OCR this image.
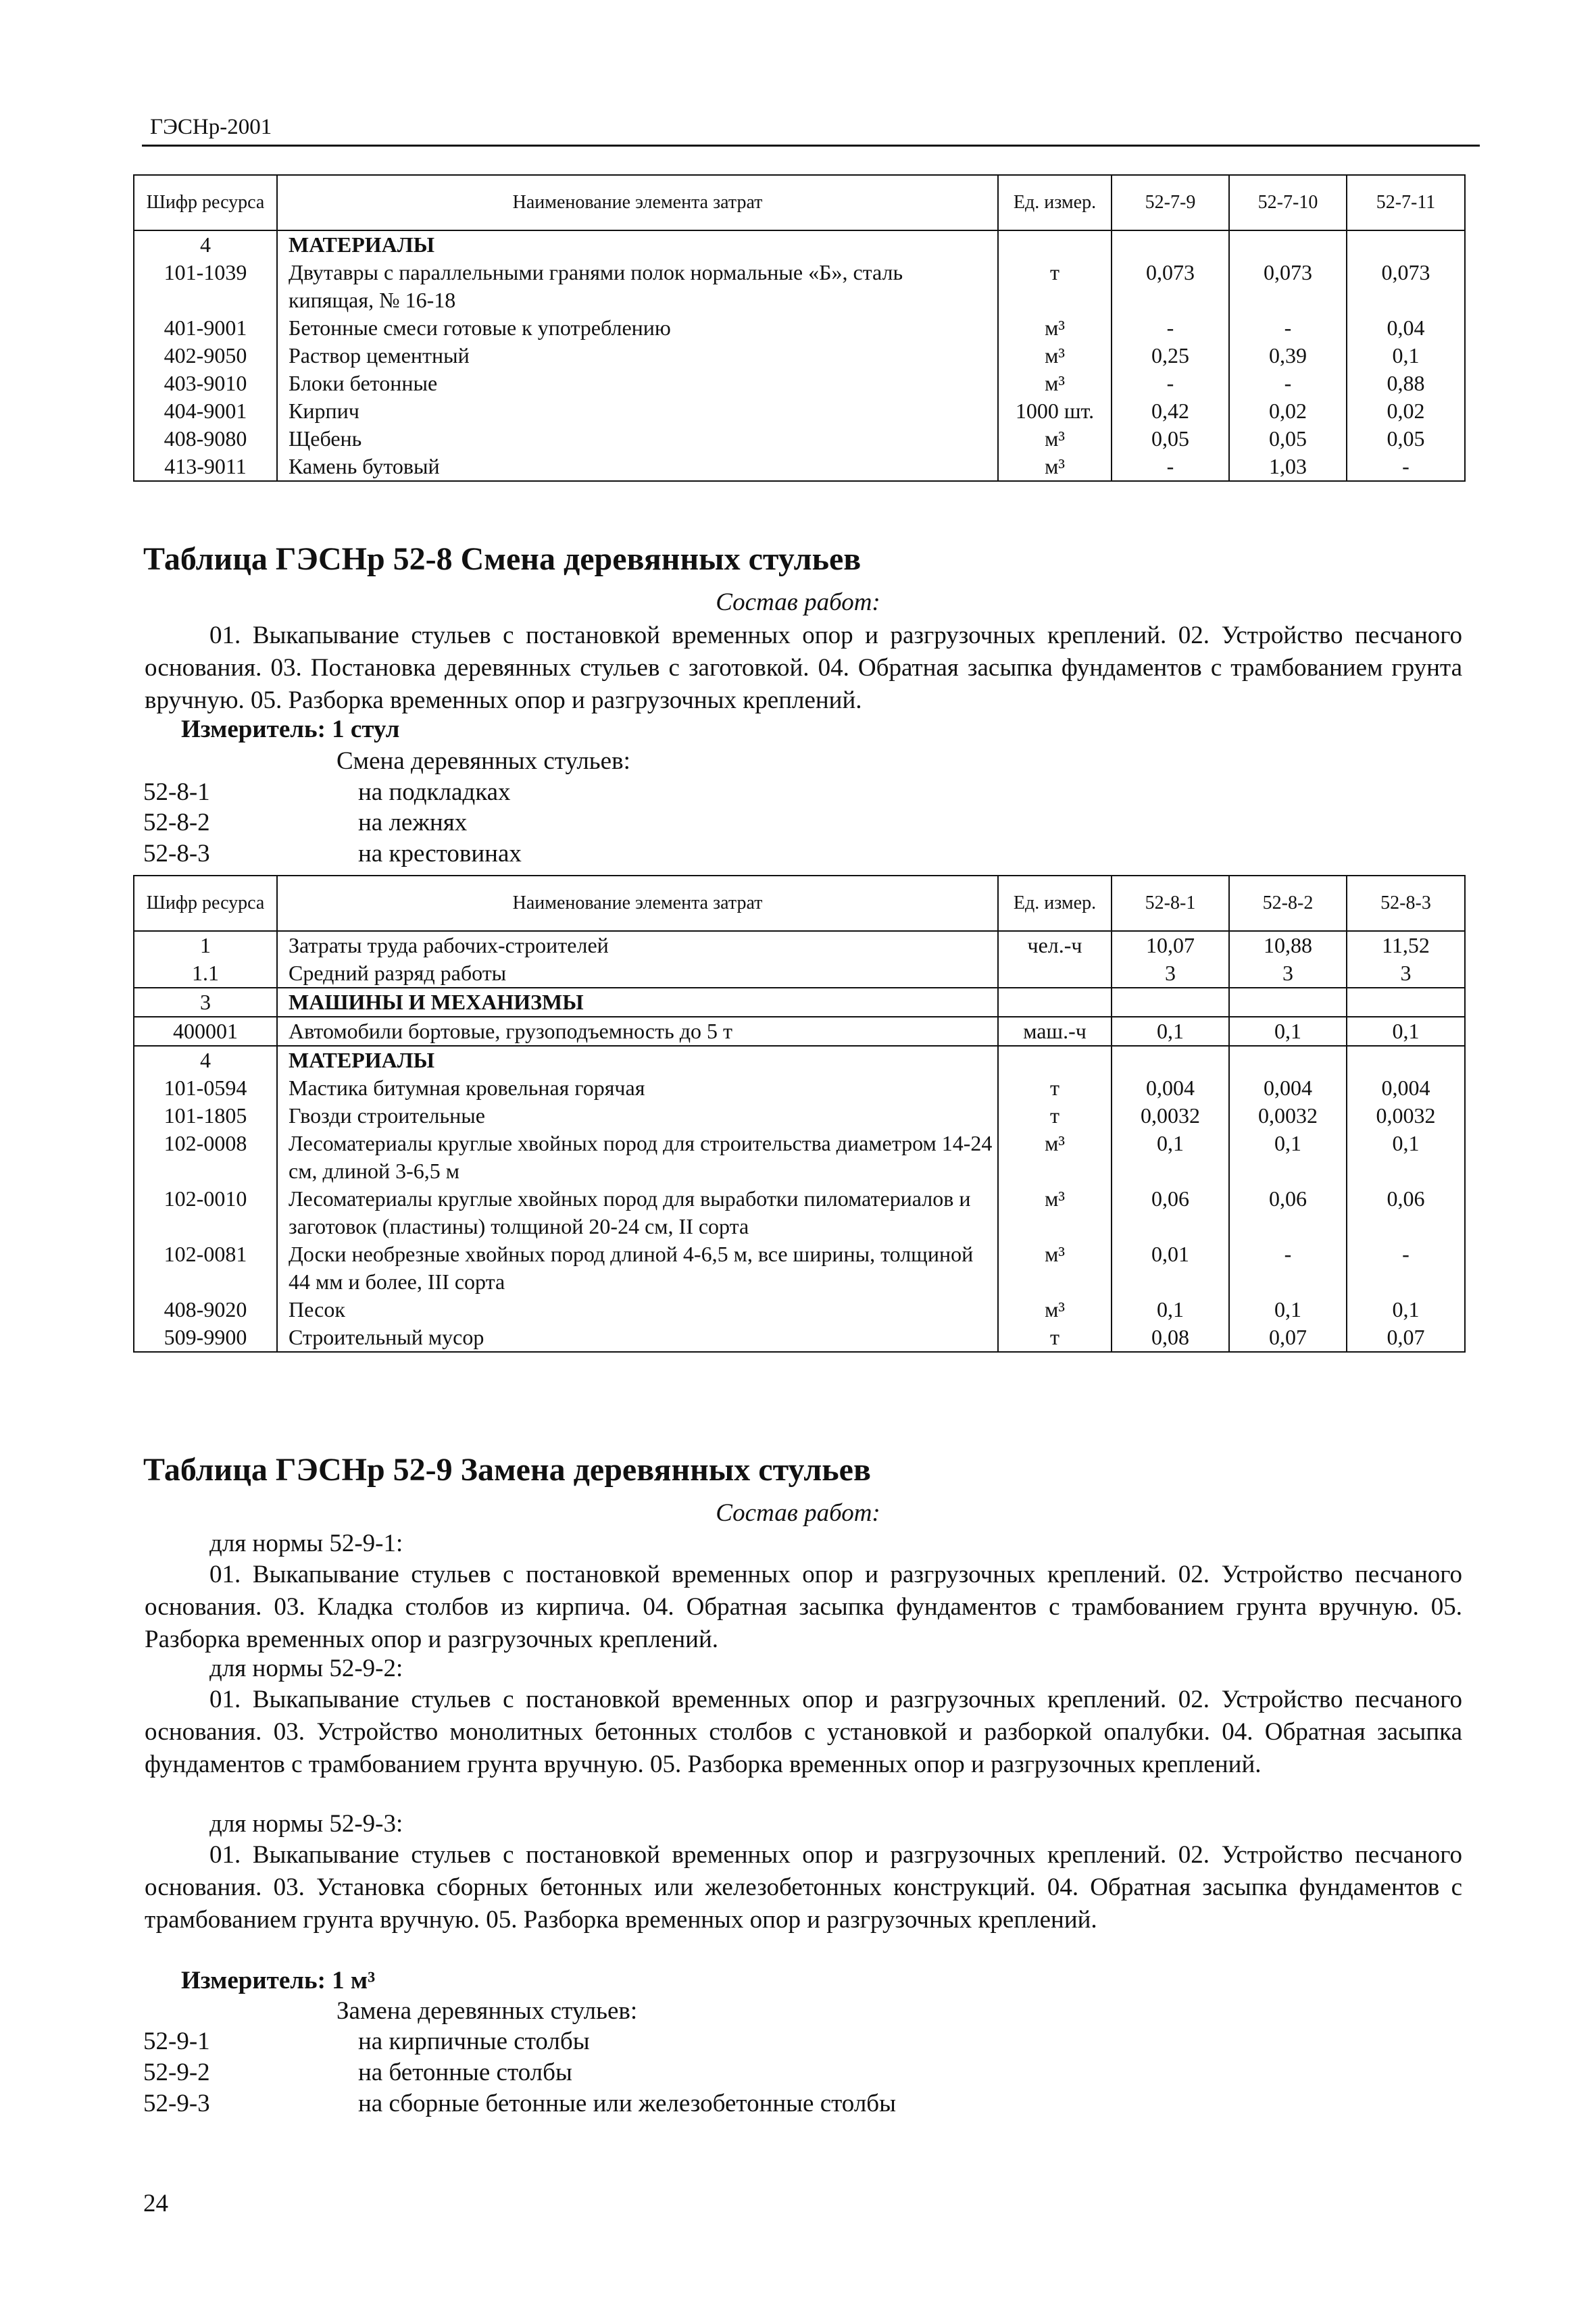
ГЭСНр-2001
Шифр ресурса	Наименование элемента затрат	Ед. измер.	52-7-9	52-7-10	52-7-11
4	МАТЕРИАЛЫ				
101-1039	Двутавры с параллельными гранями полок нормальные «Б», сталь кипящая, № 16-18	т	0,073	0,073	0,073
401-9001	Бетонные смеси готовые к употреблению	м³	-	-	0,04
402-9050	Раствор цементный	м³	0,25	0,39	0,1
403-9010	Блоки бетонные	м³	-	-	0,88
404-9001	Кирпич	1000 шт.	0,42	0,02	0,02
408-9080	Щебень	м³	0,05	0,05	0,05
413-9011	Камень бутовый	м³	-	1,03	-
Таблица ГЭСНр 52-8 Смена деревянных стульев
Состав работ:
01. Выкапывание стульев с постановкой временных опор и разгрузочных креплений. 02. Устройство песчаного основания. 03. Постановка деревянных стульев с заготовкой. 04. Обратная засыпка фундаментов с трамбованием грунта вручную. 05. Разборка временных опор и разгрузочных креплений.
Измеритель: 1 стул
Смена деревянных стульев:
52-8-1	на подкладках
52-8-2	на лежнях
52-8-3	на крестовинах
Шифр ресурса	Наименование элемента затрат	Ед. измер.	52-8-1	52-8-2	52-8-3
1	Затраты труда рабочих-строителей	чел.-ч	10,07	10,88	11,52
1.1	Средний разряд работы		3	3	3
3	МАШИНЫ И МЕХАНИЗМЫ				
400001	Автомобили бортовые, грузоподъемность до 5 т	маш.-ч	0,1	0,1	0,1
4	МАТЕРИАЛЫ				
101-0594	Мастика битумная кровельная горячая	т	0,004	0,004	0,004
101-1805	Гвозди строительные	т	0,0032	0,0032	0,0032
102-0008	Лесоматериалы круглые хвойных пород для строительства диаметром 14-24 см, длиной 3-6,5 м	м³	0,1	0,1	0,1
102-0010	Лесоматериалы круглые хвойных пород для выработки пиломатериалов и заготовок (пластины) толщиной 20-24 см, II сорта	м³	0,06	0,06	0,06
102-0081	Доски необрезные хвойных пород длиной 4-6,5 м, все ширины, толщиной 44 мм и более, III сорта	м³	0,01	-	-
408-9020	Песок	м³	0,1	0,1	0,1
509-9900	Строительный мусор	т	0,08	0,07	0,07
Таблица ГЭСНр 52-9 Замена деревянных стульев
Состав работ:
для нормы 52-9-1:
01. Выкапывание стульев с постановкой временных опор и разгрузочных креплений. 02. Устройство песчаного основания. 03. Кладка столбов из кирпича. 04. Обратная засыпка фундаментов с трамбованием грунта вручную. 05. Разборка временных опор и разгрузочных креплений.
для нормы 52-9-2:
01. Выкапывание стульев с постановкой временных опор и разгрузочных креплений. 02. Устройство песчаного основания. 03. Устройство монолитных бетонных столбов с установкой и разборкой опалубки. 04. Обратная засыпка фундаментов с трамбованием грунта вручную. 05. Разборка временных опор и разгрузочных креплений.
для нормы 52-9-3:
01. Выкапывание стульев с постановкой временных опор и разгрузочных креплений. 02. Устройство песчаного основания. 03. Установка сборных бетонных или железобетонных конструкций. 04. Обратная засыпка фундаментов с трамбованием грунта вручную. 05. Разборка временных опор и разгрузочных креплений.
Измеритель: 1 м³
Замена деревянных стульев:
52-9-1	на кирпичные столбы
52-9-2	на бетонные столбы
52-9-3	на сборные бетонные или железобетонные столбы
24
